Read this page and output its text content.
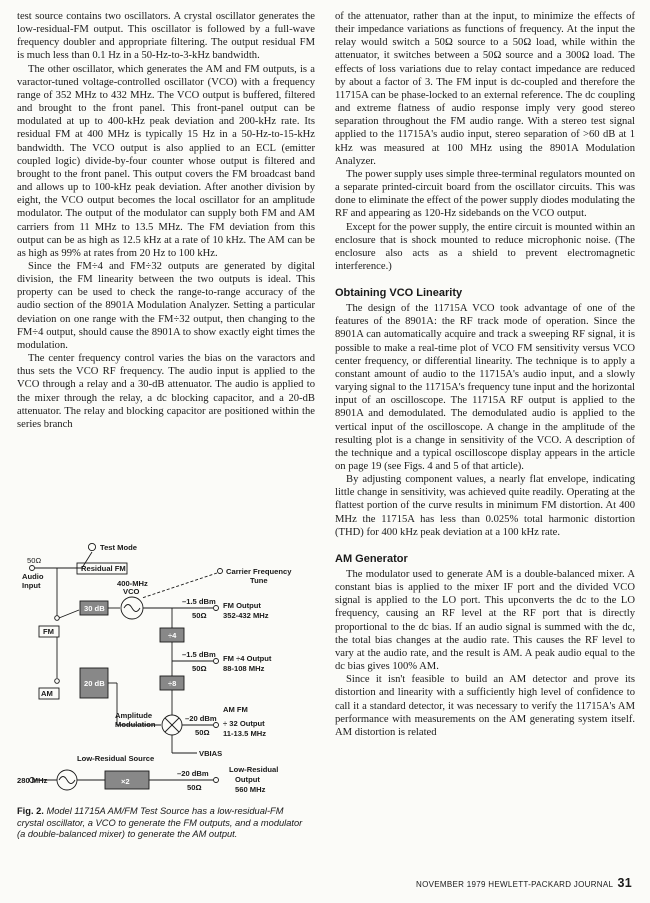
test source contains two oscillators. A crystal oscillator generates the low-residual-FM output. This oscillator is followed by a full-wave frequency doubler and appropriate filtering. The output residual FM is much less than 0.1 Hz in a 50-Hz-to-3-kHz bandwidth.

The other oscillator, which generates the AM and FM outputs, is a varactor-tuned voltage-controlled oscillator (VCO) with a frequency range of 352 MHz to 432 MHz. The VCO output is buffered, filtered and brought to the front panel. This front-panel output can be modulated at up to 400-kHz peak deviation and 200-kHz rate. Its residual FM at 400 MHz is typically 15 Hz in a 50-Hz-to-15-kHz bandwidth. The VCO output is also applied to an ECL (emitter coupled logic) divide-by-four counter whose output is filtered and brought to the front panel. This output covers the FM broadcast band and allows up to 100-kHz peak deviation. After another division by eight, the VCO output becomes the local oscillator for an amplitude modulator. The output of the modulator can supply both FM and AM carriers from 11 MHz to 13.5 MHz. The FM deviation from this output can be as high as 12.5 kHz at a rate of 10 kHz. The AM can be as high as 99% at rates from 20 Hz to 100 kHz.

Since the FM÷4 and FM÷32 outputs are generated by digital division, the FM linearity between the two outputs is ideal. This property can be used to check the range-to-range accuracy of the audio section of the 8901A Modulation Analyzer. Setting a particular deviation on one range with the FM÷32 output, then changing to the FM÷4 output, should cause the 8901A to show exactly eight times the modulation.

The center frequency control varies the bias on the varactors and thus sets the VCO RF frequency. The audio input is applied to the VCO through a relay and a 30-dB attenuator. The audio is applied to the mixer through the relay, a dc blocking capacitor, and a 20-dB attenuator. The relay and blocking capacitor are positioned within the series branch

Test Mode
50Ω
Audio
Input
Residual FM
FM
AM
30 dB
20 dB
400-MHz
VCO
Carrier Frequency
Tune
÷4
÷8
–1.5 dBm
50Ω
FM Output
352-432 MHz
–1.5 dBm
50Ω
FM ÷4 Output
88-108 MHz
Amplitude
Modulation
–20 dBm
50Ω
AM FM
÷ 32 Output
11-13.5 MHz
VBIAS
Low-Residual Source
280 MHz	×2
–20 dBm
50Ω
Low-Residual
Output
560 MHz
Fig. 2. Model 11715A AM/FM Test Source has a low-residual-FM crystal oscillator, a VCO to generate the FM outputs, and a modulator (a double-balanced mixer) to generate the AM output.

of the attenuator, rather than at the input, to minimize the effects of their impedance variations as functions of frequency. At the input the relay would switch a 50Ω source to a 50Ω load, while within the attenuator, it switches between a 50Ω source and a 300Ω load. The effects of loss variations due to relay contact impedance are reduced by about a factor of 3. The FM input is dc-coupled and therefore the 11715A can be phase-locked to an external reference. The dc coupling and extreme flatness of audio response imply very good stereo separation throughout the FM audio range. With a stereo test signal applied to the 11715A's audio input, stereo separation of >60 dB at 1 kHz was measured at 100 MHz using the 8901A Modulation Analyzer.

The power supply uses simple three-terminal regulators mounted on a separate printed-circuit board from the oscillator circuits. This was done to eliminate the effect of the power supply diodes modulating the RF and appearing as 120-Hz sidebands on the VCO output.

Except for the power supply, the entire circuit is mounted within an enclosure that is shock mounted to reduce microphonic noise. (The enclosure also acts as a shield to prevent electromagnetic interference.)

Obtaining VCO Linearity

The design of the 11715A VCO took advantage of one of the features of the 8901A: the RF track mode of operation. Since the 8901A can automatically acquire and track a sweeping RF signal, it is possible to make a real-time plot of VCO FM sensitivity versus VCO center frequency, or differential linearity. The technique is to apply a constant amount of audio to the 11715A's audio input, and a slowly varying signal to the 11715A's frequency tune input and the horizontal input of an oscilloscope. The 11715A RF output is applied to the 8901A and demodulated. The demodulated audio is applied to the vertical input of the oscilloscope. A change in the amplitude of the resulting plot is a change in sensitivity of the VCO. A description of the technique and a typical oscilloscope display appears in the article on page 19 (see Figs. 4 and 5 of that article).

By adjusting component values, a nearly flat envelope, indicating little change in sensitivity, was achieved quite readily. Operating at the flattest portion of the curve results in minimum FM distortion. At 400 MHz the 11715A has less than 0.025% total harmonic distortion (THD) for 400 kHz peak deviation at a 100 kHz rate.

AM Generator

The modulator used to generate AM is a double-balanced mixer. A constant bias is applied to the mixer IF port and the divided VCO signal is applied to the LO port. This upconverts the dc to the LO frequency, causing an RF level at the RF port that is directly proportional to the dc bias. If an audio signal is summed with the dc, the total bias changes at the audio rate. This causes the RF level to vary at the audio rate, and the result is AM. A peak audio equal to the dc bias gives 100% AM.

Since it isn't feasible to build an AM detector and prove its distortion and linearity with a sufficiently high level of confidence to call it a standard detector, it was necessary to verify the 11715A's AM performance with measurements on the AM generating system itself. AM distortion is related

NOVEMBER 1979 HEWLETT-PACKARD JOURNAL 31
